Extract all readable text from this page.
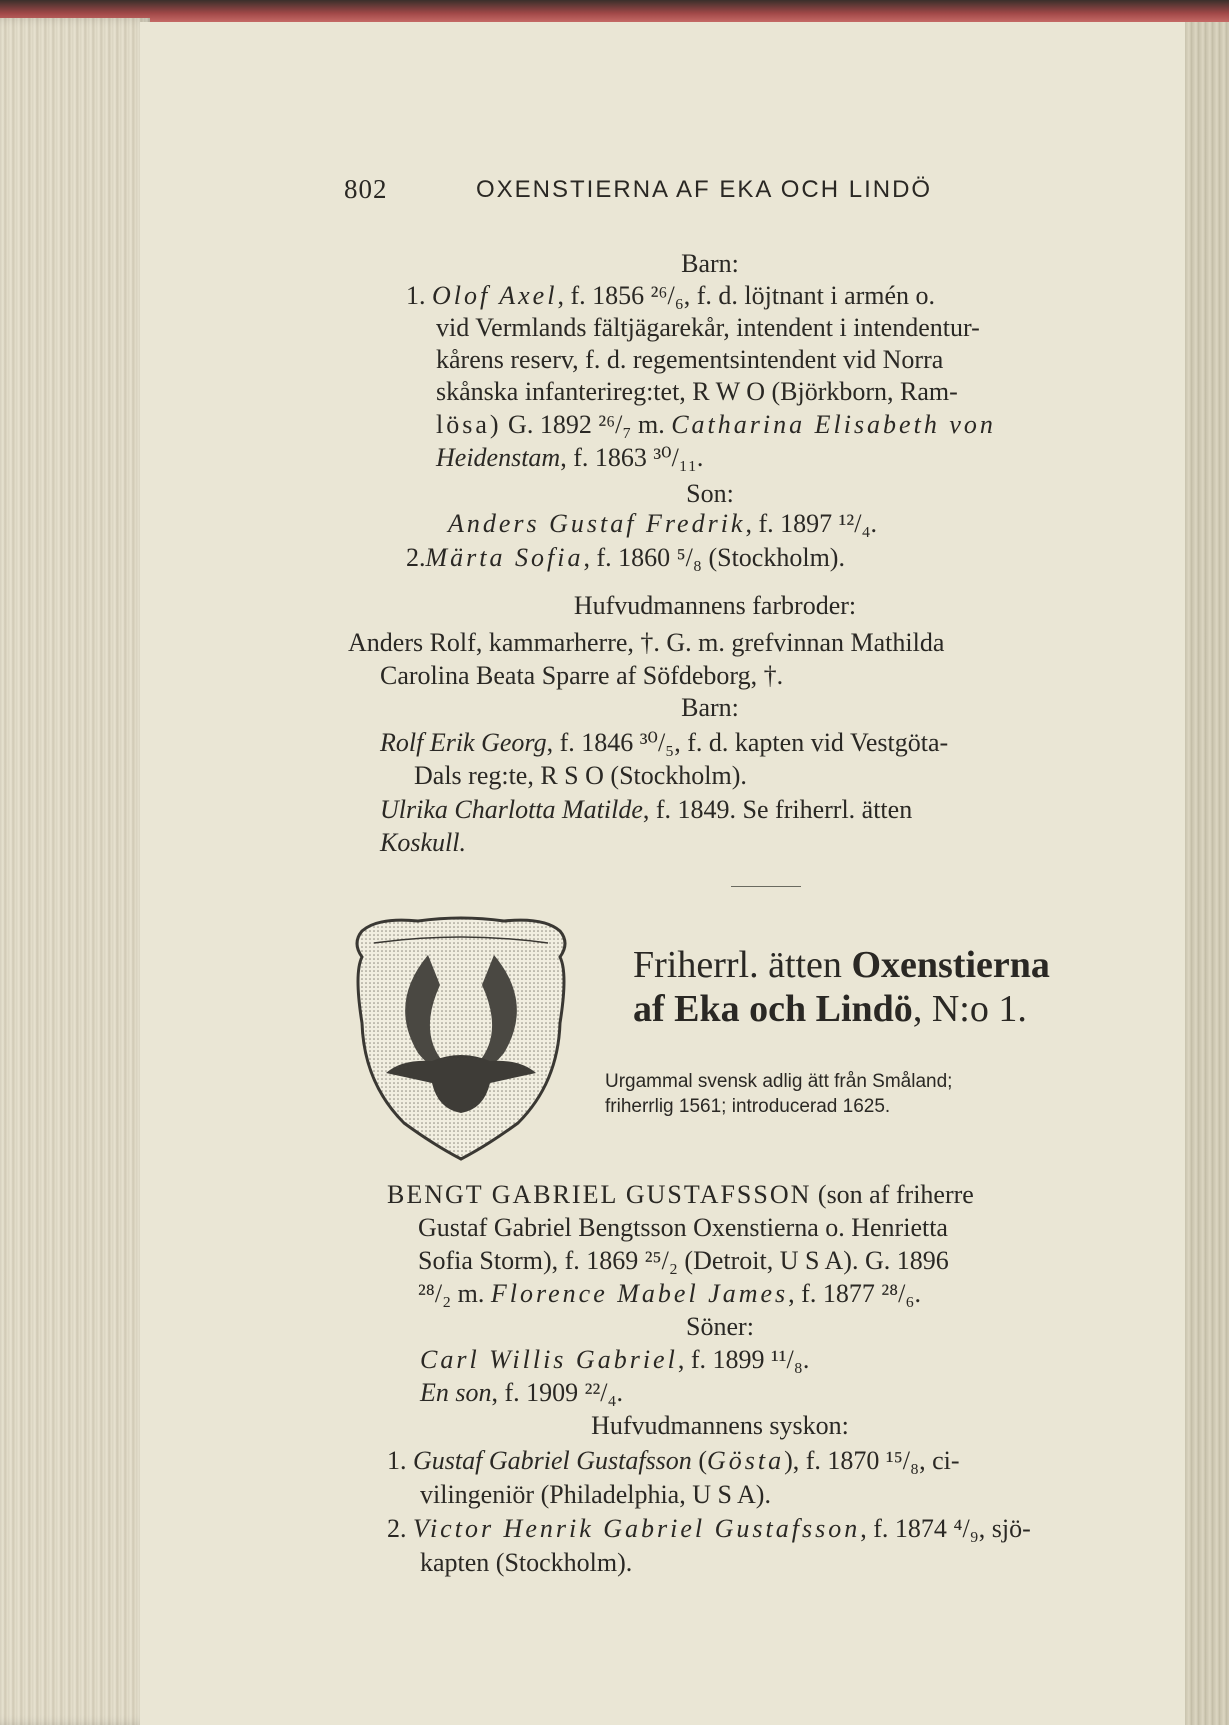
802	OXENSTIERNA AF EKA OCH LINDÖ
Barn:
1. Olof Axel, f. 1856 ²⁶/₆, f. d. löjtnant i armén o.
vid Vermlands fältjägarekår, intendent i intendentur-
kårens reserv, f. d. regementsintendent vid Norra
skånska infanterireg:tet, R W O (Björkborn, Ram-
lösa) G. 1892 ²⁶/₇ m. Catharina Elisabeth von
Heidenstam, f. 1863 ³⁰/₁₁.
Son:
Anders Gustaf Fredrik, f. 1897 ¹²/₄.
2.Märta Sofia, f. 1860 ⁵/₈ (Stockholm).
Hufvudmannens farbroder:
Anders Rolf, kammarherre, †. G. m. grefvinnan Mathilda
Carolina Beata Sparre af Söfdeborg, †.
Barn:
Rolf Erik Georg, f. 1846 ³⁰/₅, f. d. kapten vid Vestgöta-
Dals reg:te, R S O (Stockholm).
Ulrika Charlotta Matilde, f. 1849. Se friherrl. ätten
Koskull.
Friherrl. ätten Oxenstierna
af Eka och Lindö, N:o 1.
Urgammal svensk adlig ätt från Småland;
friherrlig 1561; introducerad 1625.
BENGT GABRIEL GUSTAFSSON (son af friherre
Gustaf Gabriel Bengtsson Oxenstierna o. Henrietta
Sofia Storm), f. 1869 ²⁵/₂ (Detroit, U S A). G. 1896
²⁸/₂ m. Florence Mabel James, f. 1877 ²⁸/₆.
Söner:
Carl Willis Gabriel, f. 1899 ¹¹/₈.
En son, f. 1909 ²²/₄.
Hufvudmannens syskon:
1. Gustaf Gabriel Gustafsson (Gösta), f. 1870 ¹⁵/₈, ci-
vilingeniör (Philadelphia, U S A).
2. Victor Henrik Gabriel Gustafsson, f. 1874 ⁴/₉, sjö-
kapten (Stockholm).
